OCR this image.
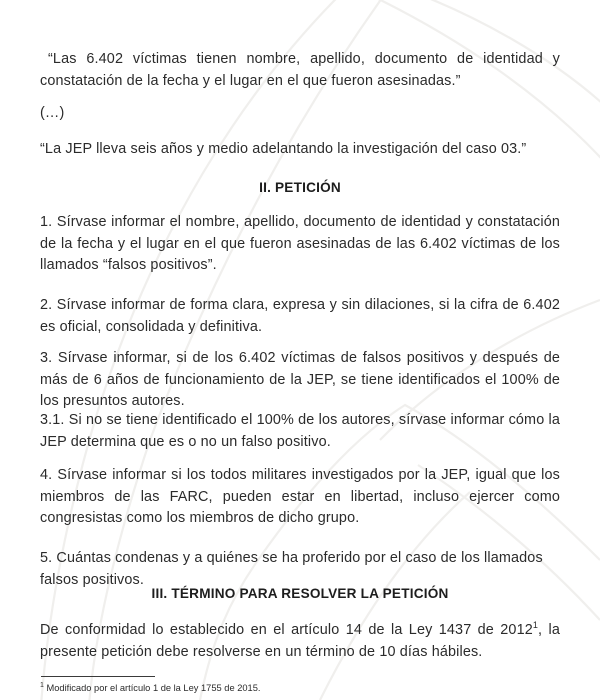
“Las 6.402 víctimas tienen nombre, apellido, documento de identidad y constatación de la fecha y el lugar en el que fueron asesinadas.”

(…)

“La JEP lleva seis años y medio adelantando la investigación del caso 03.”

II. PETICIÓN

1. Sírvase informar el nombre, apellido, documento de identidad y constatación de la fecha y el lugar en el que fueron asesinadas de las 6.402 víctimas de los llamados “falsos positivos”.

2. Sírvase informar de forma clara, expresa y sin dilaciones, si la cifra de 6.402 es oficial, consolidada y definitiva.

3. Sírvase informar, si de los 6.402 víctimas de falsos positivos y después de más de 6 años de funcionamiento de la JEP, se tiene identificados el 100% de los presuntos autores.

3.1. Si no se tiene identificado el 100% de los autores, sírvase informar cómo la JEP determina que es o no un falso positivo.

4. Sírvase informar si los todos militares investigados por la JEP, igual que los miembros de las FARC, pueden estar en libertad, incluso ejercer como congresistas como los miembros de dicho grupo.

5. Cuántas condenas y a quiénes se ha proferido por el caso de los llamados falsos positivos.

III. TÉRMINO PARA RESOLVER LA PETICIÓN

De conformidad lo establecido en el artículo 14 de la Ley 1437 de 2012$^1$, la presente petición debe resolverse en un término de 10 días hábiles.

$^1$ Modificado por el artículo 1 de la Ley 1755 de 2015.
